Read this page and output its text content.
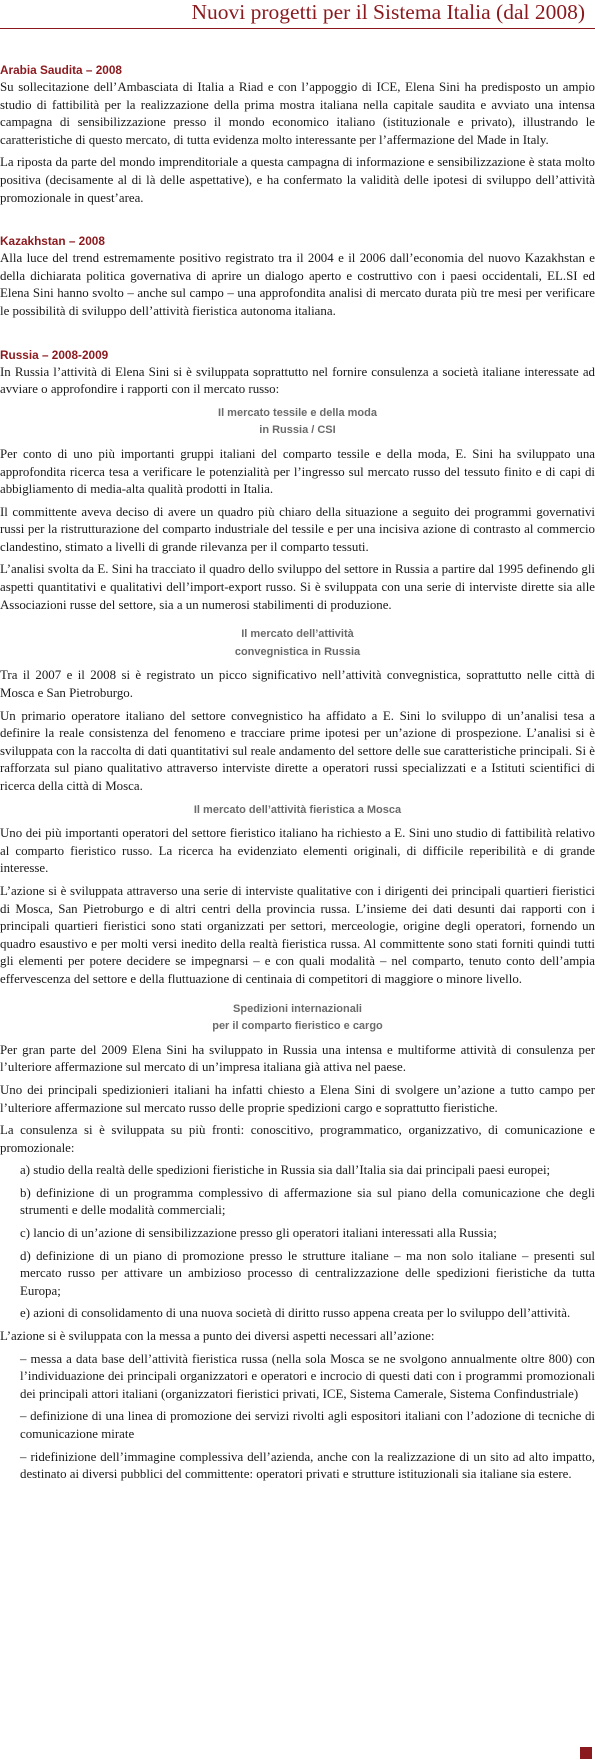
Nuovi progetti per il Sistema Italia (dal 2008)
Arabia Saudita – 2008

Su sollecitazione dell’Ambasciata di Italia a Riad e con l’appoggio di ICE, Elena Sini ha predisposto un ampio studio di fattibilità per la realizzazione della prima mostra italiana nella capitale saudita e avviato una intensa campagna di sensibilizzazione presso il mondo economico italiano (istituzionale e privato), illustrando le caratteristiche di questo mercato, di tutta evidenza molto interessante per l’affermazione del Made in Italy.

La riposta da parte del mondo imprenditoriale a questa campagna di informazione e sensibilizzazione è stata molto positiva (decisamente al di là delle aspettative), e ha confermato la validità delle ipotesi di sviluppo dell’attività promozionale in quest’area.

Kazakhstan – 2008

Alla luce del trend estremamente positivo registrato tra il 2004 e il 2006 dall’economia del nuovo Kazakhstan e della dichiarata politica governativa di aprire un dialogo aperto e costruttivo con i paesi occidentali, EL.SI ed Elena Sini hanno svolto – anche sul campo – una approfondita analisi di mercato durata più tre mesi per verificare le possibilità di sviluppo dell’attività fieristica autonoma italiana.

Russia – 2008-2009

In Russia l’attività di Elena Sini si è sviluppata soprattutto nel fornire consulenza a società italiane interessate ad avviare o approfondire i rapporti con il mercato russo:

Il mercato tessile e della moda
in Russia / CSI

Per conto di uno più importanti gruppi italiani del comparto tessile e della moda, E. Sini ha sviluppato una approfondita ricerca tesa a verificare le potenzialità per l’ingresso sul mercato russo del tessuto finito e di capi di abbigliamento di media-alta qualità prodotti in Italia.

Il committente aveva deciso di avere un quadro più chiaro della situazione a seguito dei programmi governativi russi per la ristrutturazione del comparto industriale del tessile e per una incisiva azione di contrasto al commercio clandestino, stimato a livelli di grande rilevanza per il comparto tessuti.

L’analisi svolta da E. Sini ha tracciato il quadro dello sviluppo del settore in Russia a partire dal 1995 definendo gli aspetti quantitativi e qualitativi dell’import-export russo. Si è sviluppata con una serie di interviste dirette sia alle Associazioni russe del settore, sia a un numerosi stabilimenti di produzione.

Il mercato dell’attività
convegnistica in Russia

Tra il 2007 e il 2008 si è registrato un picco significativo nell’attività convegnistica, soprattutto nelle città di Mosca e San Pietroburgo.

Un primario operatore italiano del settore convegnistico ha affidato a E. Sini lo sviluppo di un’analisi tesa a definire la reale consistenza del fenomeno e tracciare prime ipotesi per un’azione di prospezione. L’analisi si è sviluppata con la raccolta di dati quantitativi sul reale andamento del settore delle sue caratteristiche principali. Si è rafforzata sul piano qualitativo attraverso interviste dirette a operatori russi specializzati e a Istituti scientifici di ricerca della città di Mosca.

Il mercato dell’attività fieristica a Mosca

Uno dei più importanti operatori del settore fieristico italiano ha richiesto a E. Sini uno studio di fattibilità relativo al comparto fieristico russo. La ricerca ha evidenziato elementi originali, di difficile reperibilità e di grande interesse.

L’azione si è sviluppata attraverso una serie di interviste qualitative con i dirigenti dei principali quartieri fieristici di Mosca, San Pietroburgo e di altri centri della provincia russa. L’insieme dei dati desunti dai rapporti con i principali quartieri fieristici sono stati organizzati per settori, merceologie, origine degli operatori, fornendo un quadro esaustivo e per molti versi inedito della realtà fieristica russa. Al committente sono stati forniti quindi tutti gli elementi per potere decidere se impegnarsi – e con quali modalità – nel comparto, tenuto conto dell’ampia effervescenza del settore e della fluttuazione di centinaia di competitori di maggiore o minore livello.

Spedizioni internazionali
per il comparto fieristico e cargo

Per gran parte del 2009 Elena Sini ha sviluppato in Russia una intensa e multiforme attività di consulenza per l’ulteriore affermazione sul mercato di un’impresa italiana già attiva nel paese.

Uno dei principali spedizionieri italiani ha infatti chiesto a Elena Sini di svolgere un’azione a tutto campo per l’ulteriore affermazione sul mercato russo delle proprie spedizioni cargo e soprattutto fieristiche.

La consulenza si è sviluppata su più fronti: conoscitivo, programmatico, organizzativo, di comunicazione e promozionale:

a) studio della realtà delle spedizioni fieristiche in Russia sia dall’Italia sia dai principali paesi europei;

b) definizione di un programma complessivo di affermazione sia sul piano della comunicazione che degli strumenti e delle modalità commerciali;

c) lancio di un’azione di sensibilizzazione presso gli operatori italiani interessati alla Russia;

d) definizione di un piano di promozione presso le strutture italiane – ma non solo italiane – presenti sul mercato russo per attivare un ambizioso processo di centralizzazione delle spedizioni fieristiche da tutta Europa;

e) azioni di consolidamento di una nuova società di diritto russo appena creata per lo sviluppo dell’attività.

L’azione si è sviluppata con la messa a punto dei diversi aspetti necessari all’azione:

– messa a data base dell’attività fieristica russa (nella sola Mosca se ne svolgono annualmente oltre 800) con l’individuazione dei principali organizzatori e operatori e incrocio di questi dati con i programmi promozionali dei principali attori italiani (organizzatori fieristici privati, ICE, Sistema Camerale, Sistema Confindustriale)

– definizione di una linea di promozione dei servizi rivolti agli espositori italiani con l’adozione di tecniche di comunicazione mirate

– ridefinizione dell’immagine complessiva dell’azienda, anche con la realizzazione di un sito ad alto impatto, destinato ai diversi pubblici del committente: operatori privati e strutture istituzionali sia italiane sia estere.
